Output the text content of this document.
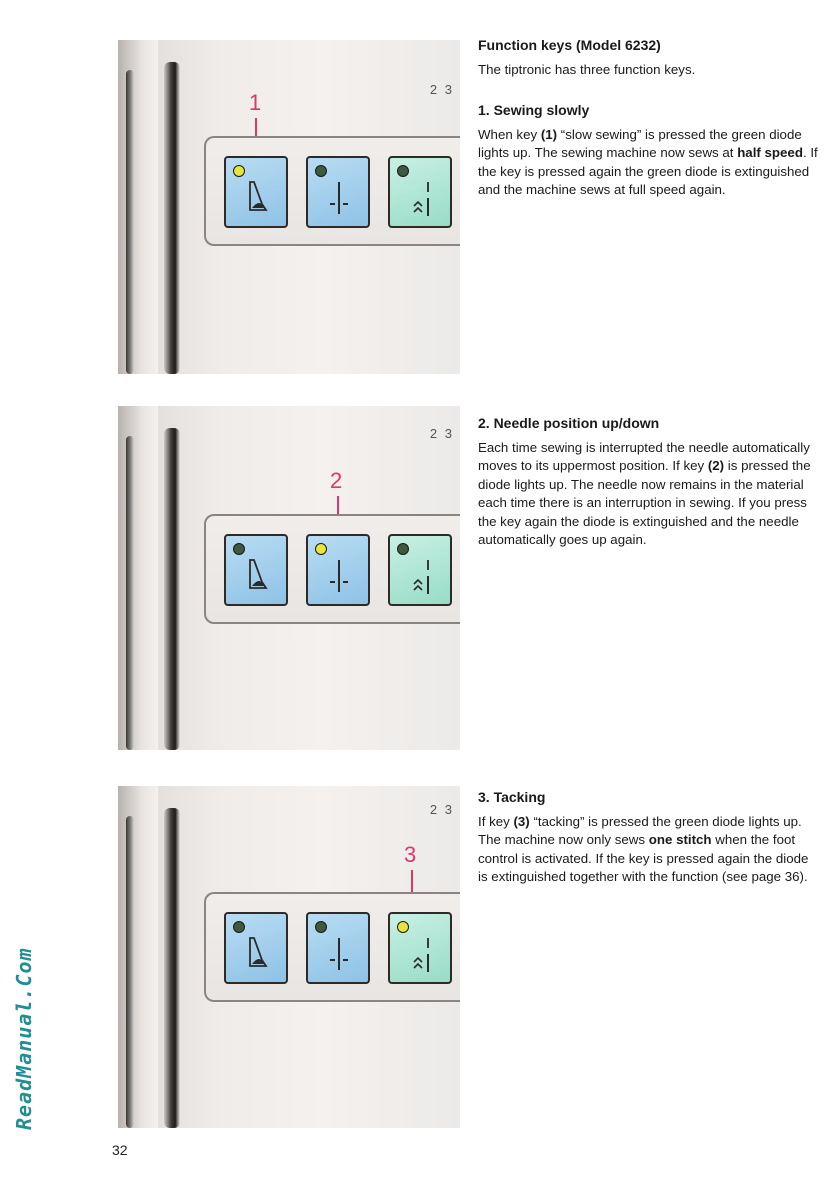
2 3
1
2 3
2
2 3
3
Function keys (Model 6232)

The tiptronic has three function keys.

1. Sewing slowly

When key (1) “slow sewing” is pressed the green diode lights up. The sewing machine now sews at half speed. If the key is pressed again the green diode is extinguished and the machine sews at full speed again.

2. Needle position up/down

Each time sewing is interrupted the needle automatically moves to its uppermost position. If key (2) is pressed the diode lights up. The needle now remains in the material each time there is an interruption in sewing. If you press the key again the diode is extinguished and the needle automatically goes up again.

3. Tacking

If key (3) “tacking” is pressed the green diode lights up. The machine now only sews one stitch when the foot control is activated. If the key is pressed again the diode is extinguished together with the function (see page 36).

ReadManual.Com
32
